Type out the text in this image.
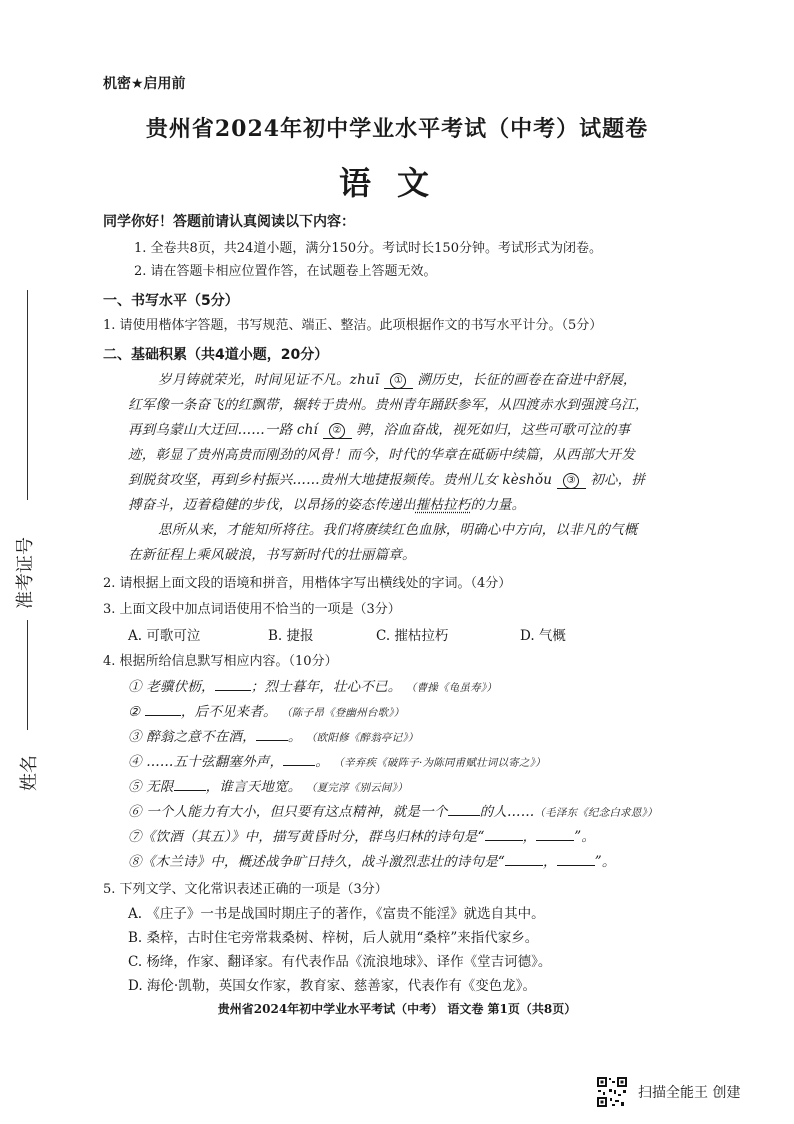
机密★启用前
贵州省2024年初中学业水平考试（中考）试题卷
语文
同学你好！答题前请认真阅读以下内容：
1. 全卷共8页，共24道小题，满分150分。考试时长150分钟。考试形式为闭卷。
2. 请在答题卡相应位置作答，在试题卷上答题无效。
一、书写水平（5分）
1. 请使用楷体字答题，书写规范、端正、整洁。此项根据作文的书写水平计分。（5分）
二、基础积累（共4道小题，20分）
岁月铸就荣光，时间见证不凡。zhuī ① 溯历史，长征的画卷在奋进中舒展，
红军像一条奋飞的红飘带，辗转于贵州。贵州青年踊跃参军，从四渡赤水到强渡乌江，
再到乌蒙山大迂回……一路 chí ② 骋，浴血奋战，视死如归，这些可歌可泣的事
迹，彰显了贵州高贵而刚劲的风骨！而今，时代的华章在砥砺中续篇，从西部大开发
到脱贫攻坚，再到乡村振兴……贵州大地捷报频传。贵州儿女 kèshǒu ③ 初心，拼
搏奋斗，迈着稳健的步伐，以昂扬的姿态传递出摧枯拉朽的力量。
思所从来，才能知所将往。我们将赓续红色血脉，明确心中方向，以非凡的气概
在新征程上乘风破浪，书写新时代的壮丽篇章。
2. 请根据上面文段的语境和拼音，用楷体字写出横线处的字词。（4分）
3. 上面文段中加点词语使用不恰当的一项是（3分）
A. 可歌可泣	B. 捷报	C. 摧枯拉朽	D. 气概
4. 根据所给信息默写相应内容。（10分）
① 老骥伏枥，	；烈士暮年，壮心不已。 （曹操《龟虽寿》）
②	，后不见来者。 （陈子昂《登幽州台歌》）
③ 醉翁之意不在酒， 。 （欧阳修《醉翁亭记》）
④ ……五十弦翻塞外声， 。 （辛弃疾《破阵子·为陈同甫赋壮词以寄之》）
⑤ 无限 ，谁言天地宽。 （夏完淳《别云间》）
⑥ 一个人能力有大小，但只要有这点精神，就是一个 的人……（毛泽东《纪念白求恩》）
⑦《饮酒（其五）》中，描写黄昏时分，群鸟归林的诗句是“	，	”。
⑧《木兰诗》中，概述战争旷日持久，战斗激烈悲壮的诗句是“	，	”。
5. 下列文学、文化常识表述正确的一项是（3分）
A. 《庄子》一书是战国时期庄子的著作，《富贵不能淫》就选自其中。
B. 桑梓，古时住宅旁常栽桑树、梓树，后人就用“桑梓”来指代家乡。
C. 杨绛，作家、翻译家。有代表作品《流浪地球》、译作《堂吉诃德》。
D. 海伦·凯勒，英国女作家，教育家、慈善家，代表作有《变色龙》。
贵州省2024年初中学业水平考试（中考） 语文卷 第1页（共8页）
准考证号
姓名
扫描全能王 创建
